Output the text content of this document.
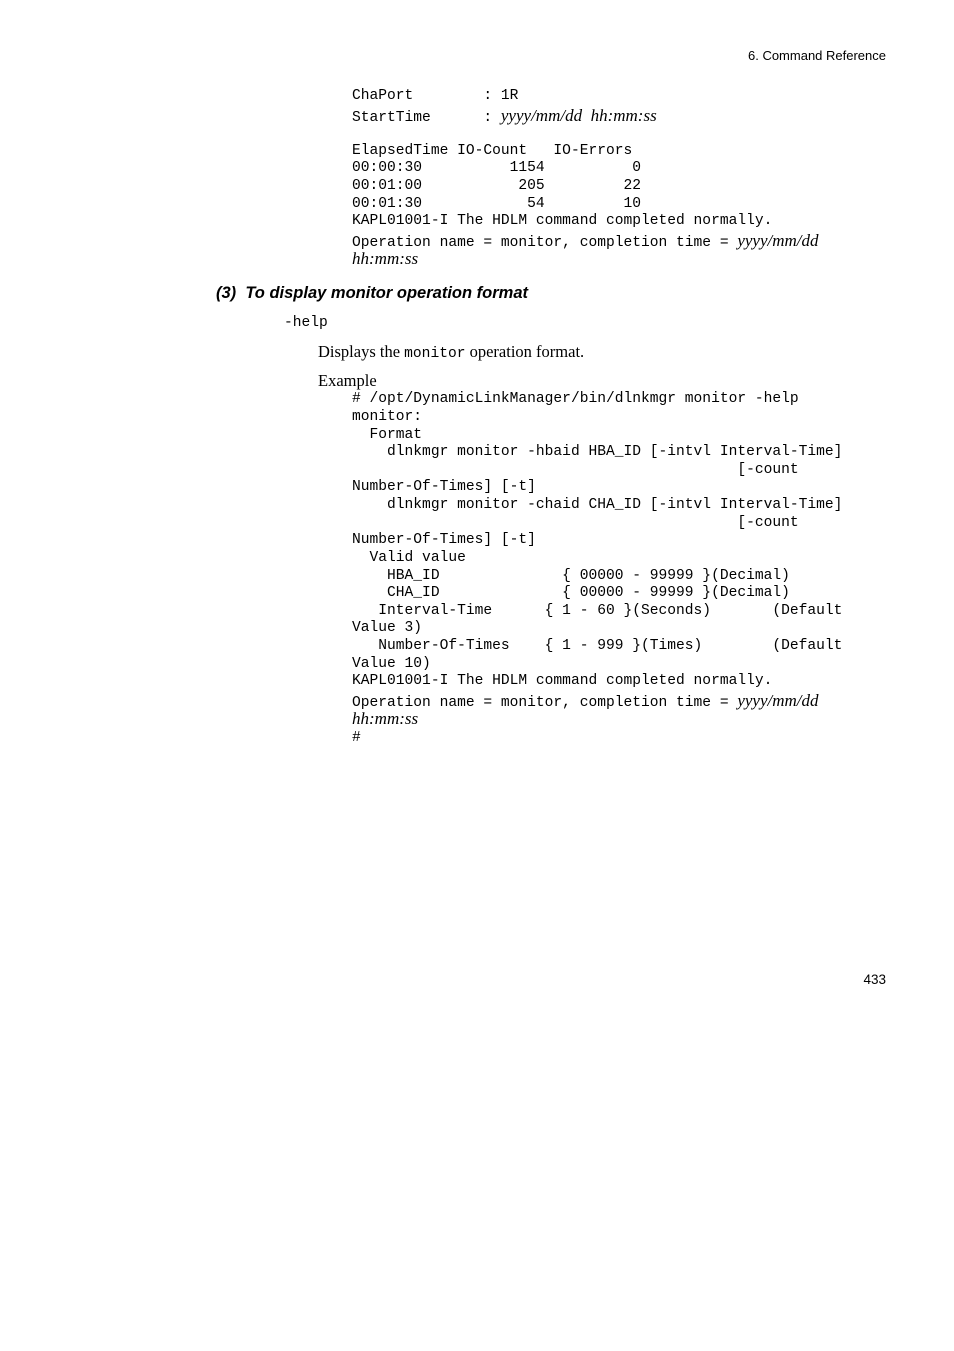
6. Command Reference
ChaPort        : 1R
StartTime      : yyyy/mm/dd  hh:mm:ss
ElapsedTime IO-Count   IO-Errors
00:00:30          1154          0
00:01:00           205         22
00:01:30            54         10
KAPL01001-I The HDLM command completed normally.
Operation name = monitor, completion time = yyyy/mm/dd
hh:mm:ss
(3)  To display monitor operation format
-help
Displays the monitor operation format.
Example
# /opt/DynamicLinkManager/bin/dlnkmgr monitor -help
monitor:
Format
dlnkmgr monitor -hbaid HBA_ID [-intvl Interval-Time]
[-count
Number-Of-Times] [-t]
dlnkmgr monitor -chaid CHA_ID [-intvl Interval-Time]
[-count
Number-Of-Times] [-t]
Valid value
HBA_ID              { 00000 - 99999 }(Decimal)
CHA_ID              { 00000 - 99999 }(Decimal)
Interval-Time      { 1 - 60 }(Seconds)       (Default
Value 3)
Number-Of-Times    { 1 - 999 }(Times)        (Default
Value 10)
KAPL01001-I The HDLM command completed normally.
Operation name = monitor, completion time = yyyy/mm/dd
hh:mm:ss
#
433
